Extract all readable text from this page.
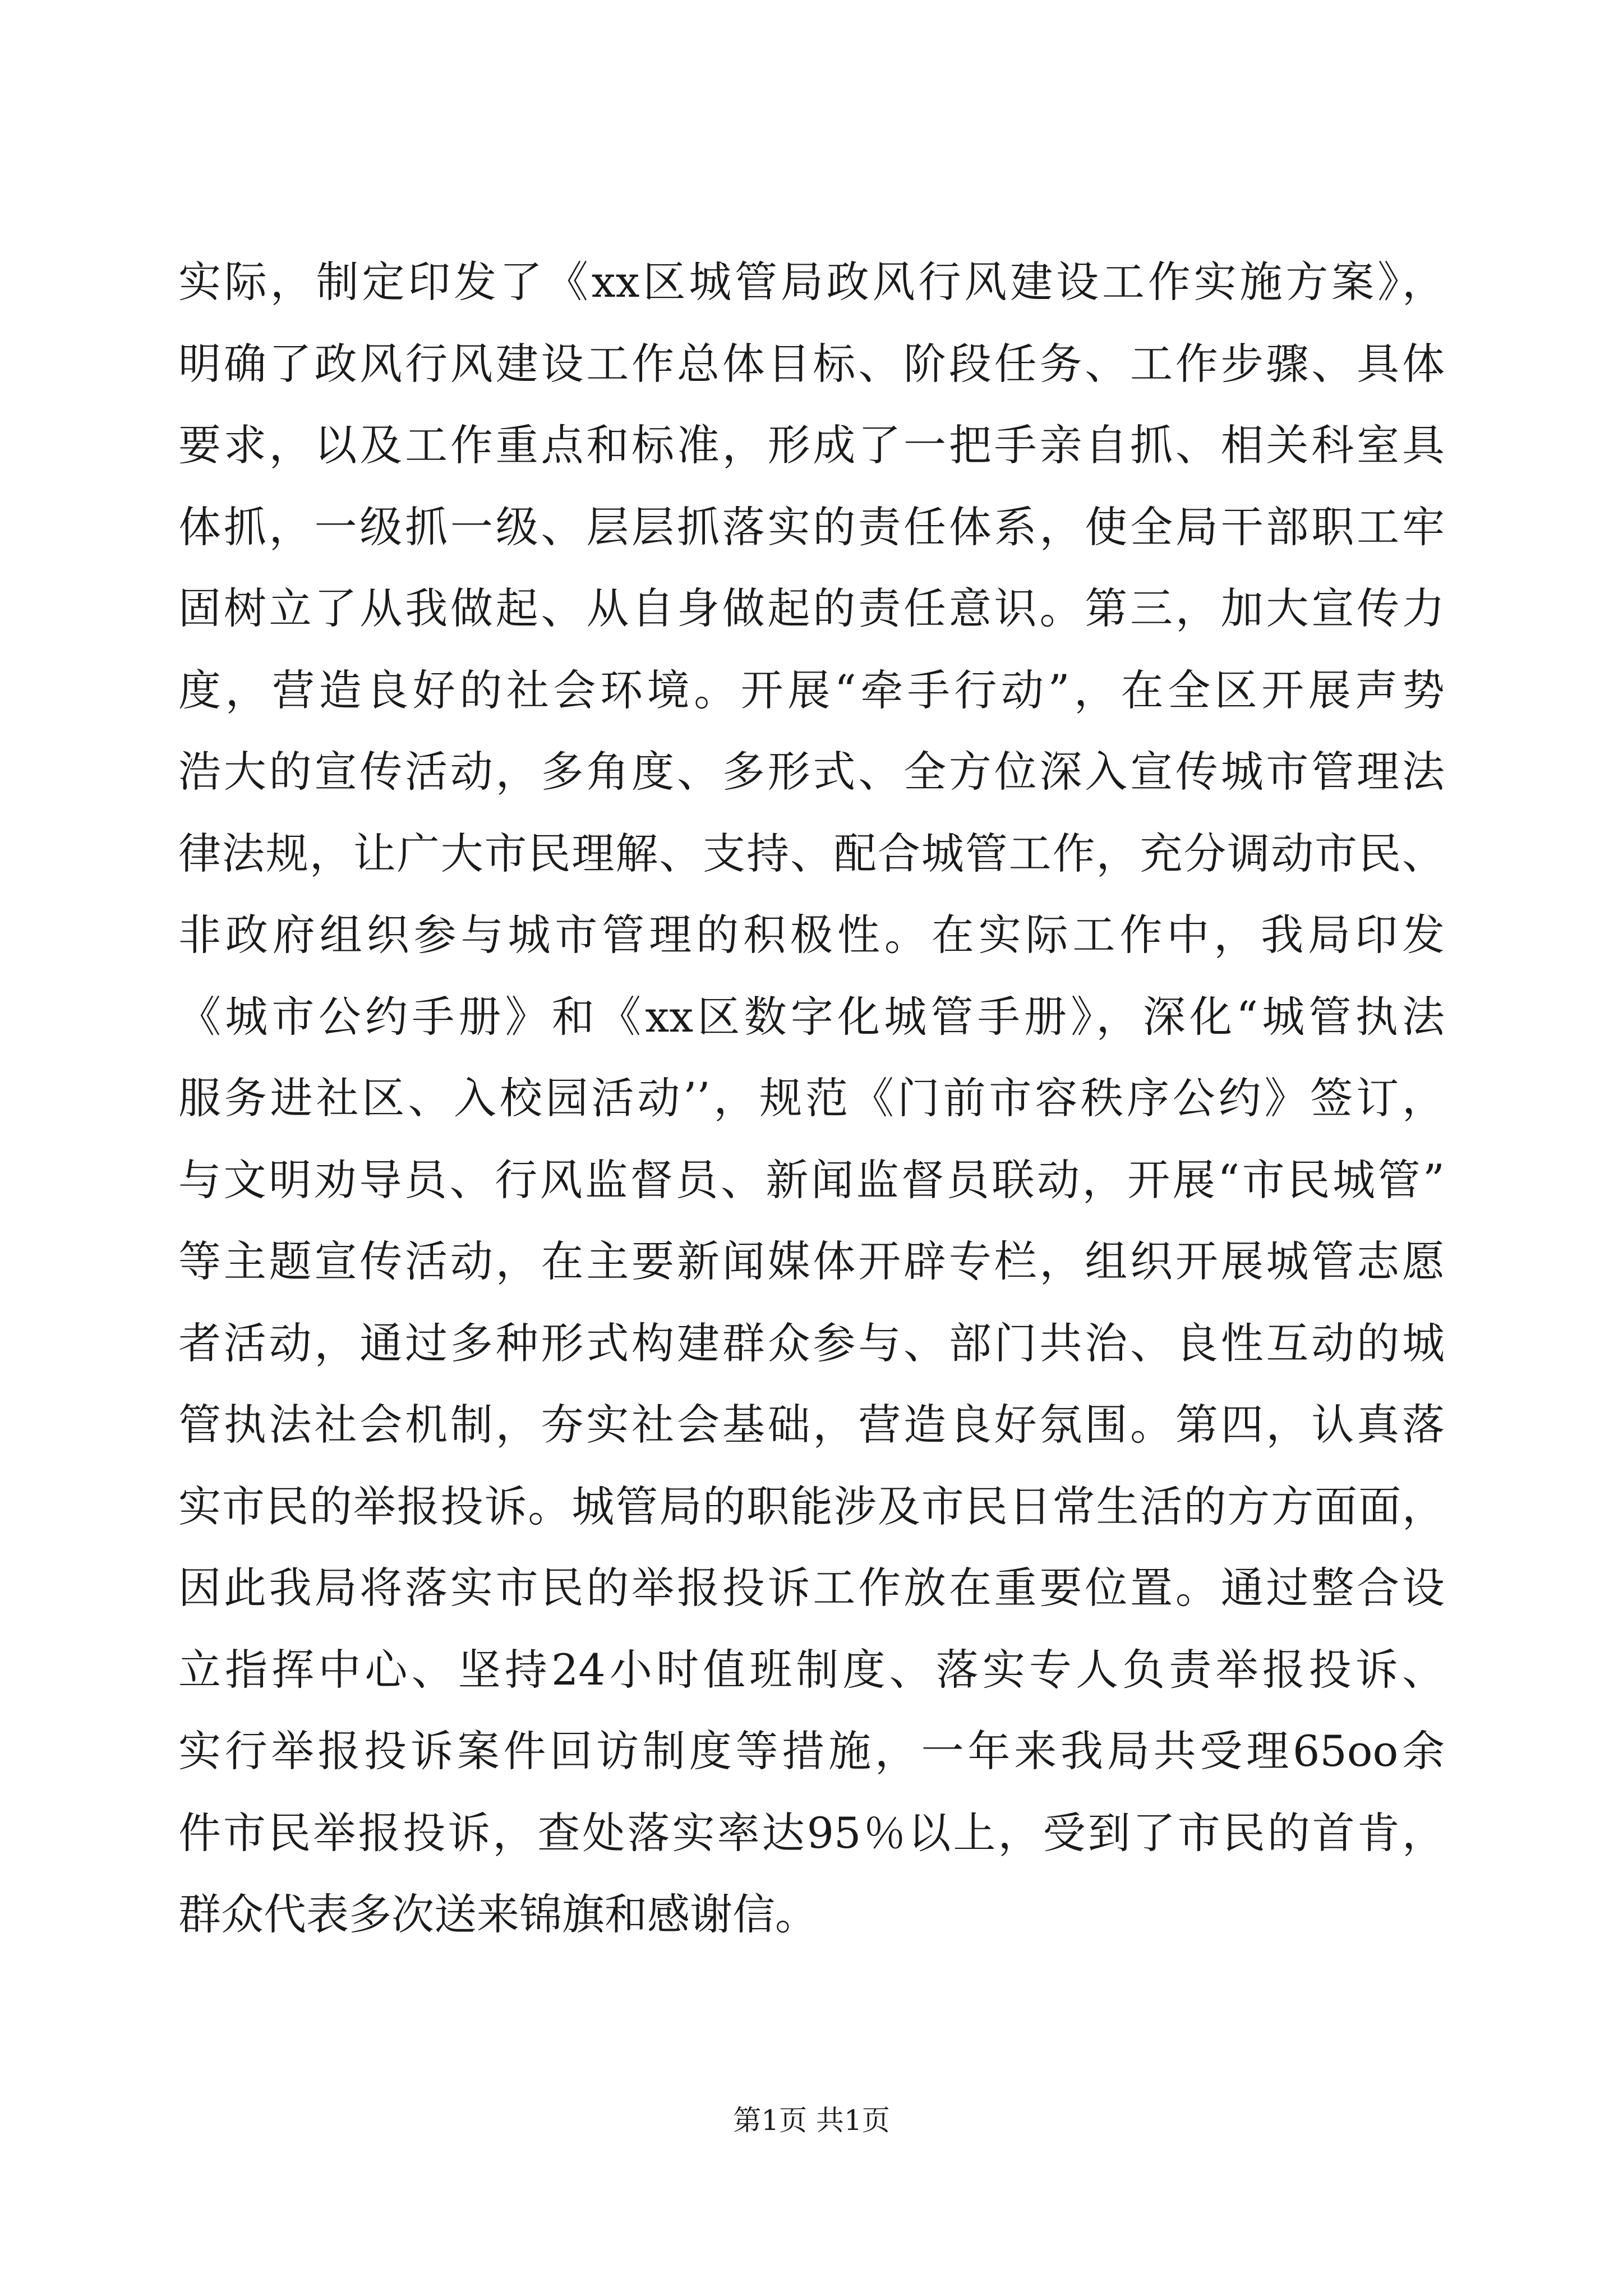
实际，制定印发了《xx区城管局政风行风建设工作实施方案》，
明确了政风行风建设工作总体目标、阶段任务、工作步骤、具体
要求，以及工作重点和标准，形成了一把手亲自抓、相关科室具
体抓，一级抓一级、层层抓落实的责任体系，使全局干部职工牢
固树立了从我做起、从自身做起的责任意识。第三，加大宣传力
度，营造良好的社会环境。开展“牵手行动”，在全区开展声势
浩大的宣传活动，多角度、多形式、全方位深入宣传城市管理法
律法规，让广大市民理解、支持、配合城管工作，充分调动市民、
非政府组织参与城市管理的积极性。在实际工作中，我局印发
《城市公约手册》和《xx区数字化城管手册》，深化“城管执法
服务进社区、入校园活动’’，规范《门前市容秩序公约》签订，
与文明劝导员、行风监督员、新闻监督员联动，开展“市民城管”
等主题宣传活动，在主要新闻媒体开辟专栏，组织开展城管志愿
者活动，通过多种形式构建群众参与、部门共治、良性互动的城
管执法社会机制，夯实社会基础，营造良好氛围。第四，认真落
实市民的举报投诉。城管局的职能涉及市民日常生活的方方面面，
因此我局将落实市民的举报投诉工作放在重要位置。通过整合设
立指挥中心、坚持24小时值班制度、落实专人负责举报投诉、
实行举报投诉案件回访制度等措施，一年来我局共受理65oo余
件市民举报投诉，查处落实率达95％以上，受到了市民的首肯，
群众代表多次送来锦旗和感谢信。
第1页 共1页
